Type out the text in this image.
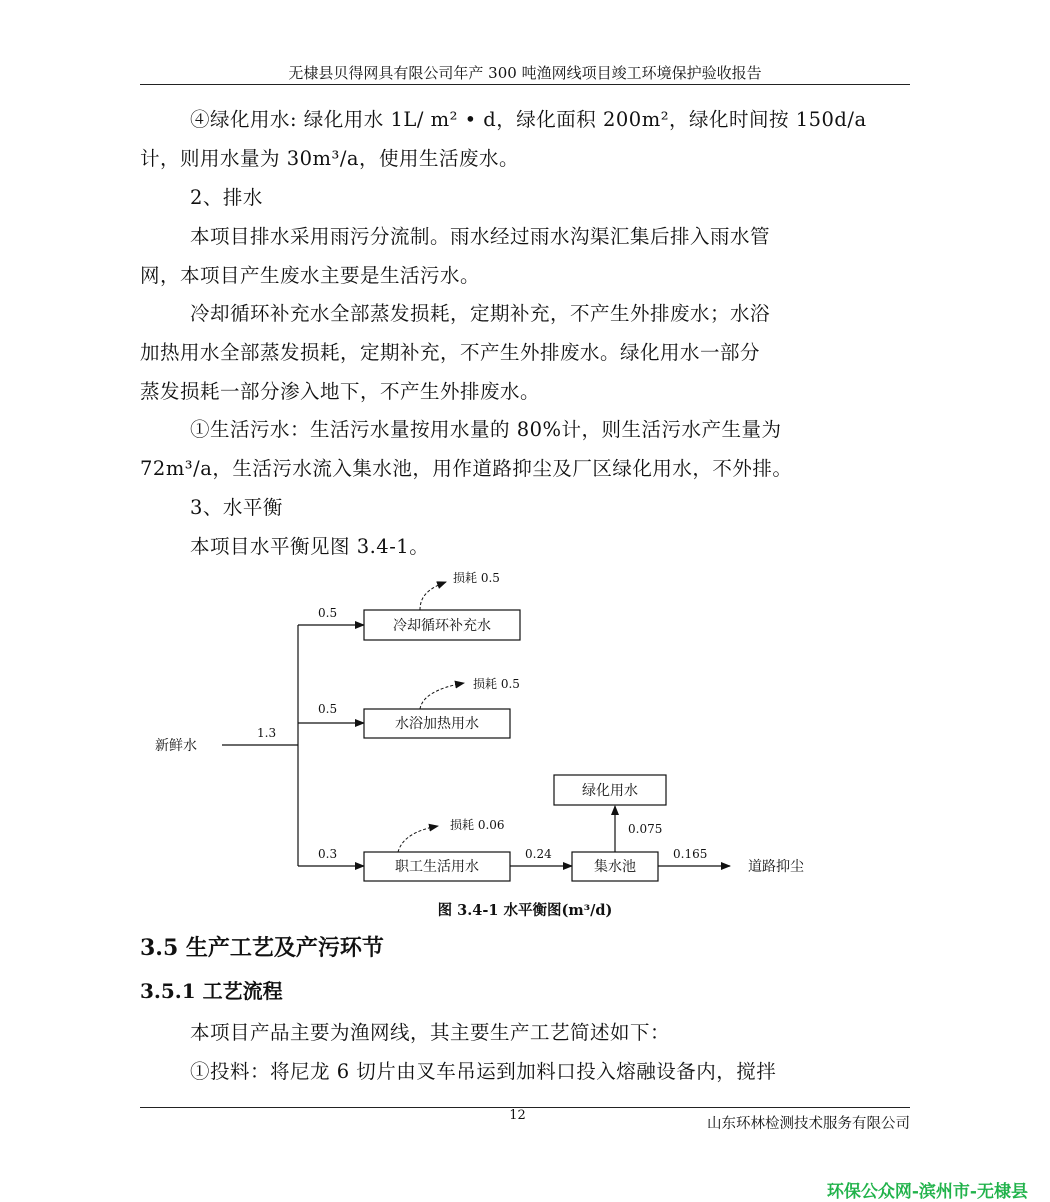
无棣县贝得网具有限公司年产 300 吨渔网线项目竣工环境保护验收报告
④绿化用水: 绿化用水 1L/ m² • d，绿化面积 200m²，绿化时间按 150d/a
计，则用水量为 30m³/a，使用生活废水。
2、排水
本项目排水采用雨污分流制。雨水经过雨水沟渠汇集后排入雨水管
网，本项目产生废水主要是生活污水。
冷却循环补充水全部蒸发损耗，定期补充，不产生外排废水；水浴
加热用水全部蒸发损耗，定期补充，不产生外排废水。绿化用水一部分
蒸发损耗一部分渗入地下，不产生外排废水。
①生活污水：生活污水量按用水量的 80%计，则生活污水产生量为
72m³/a，生活污水流入集水池，用作道路抑尘及厂区绿化用水，不外排。
3、水平衡
本项目水平衡见图 3.4-1。
新鲜水
1.3
0.5
冷却循环补充水
损耗 0.5
0.5
水浴加热用水
损耗 0.5
0.3
职工生活用水
损耗 0.06
0.24
集水池
0.075
绿化用水
0.165
道路抑尘
图 3.4-1 水平衡图(m³/d)
3.5 生产工艺及产污环节
3.5.1 工艺流程
本项目产品主要为渔网线，其主要生产工艺简述如下：
①投料：将尼龙 6 切片由叉车吊运到加料口投入熔融设备内，搅拌
12
山东环林检测技术服务有限公司
环保公众网-滨州市-无棣县
